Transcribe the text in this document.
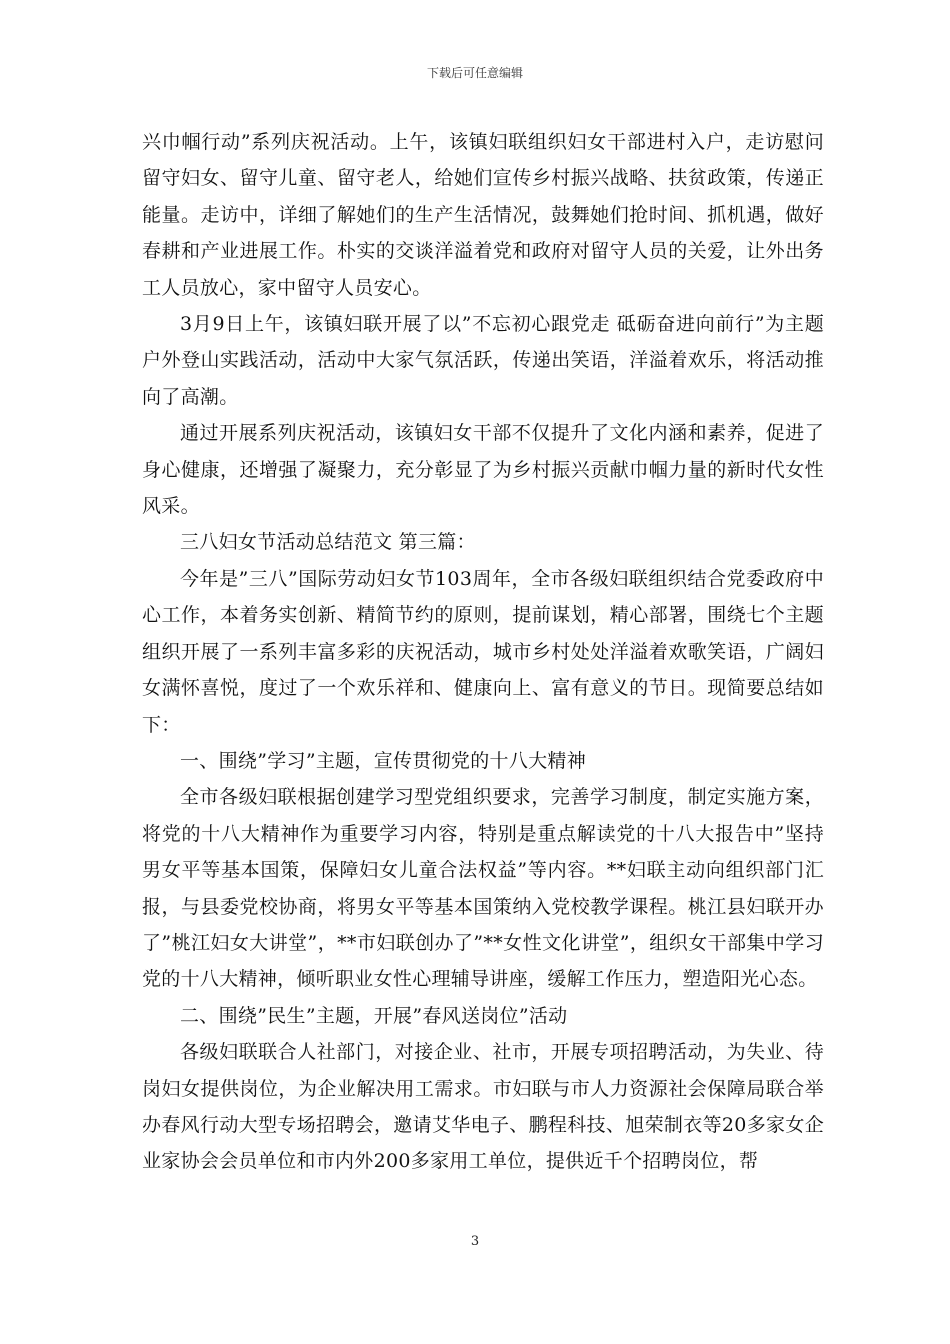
下载后可任意编辑

兴巾帼行动”系列庆祝活动。上午，该镇妇联组织妇女干部进村入户，走访慰问留守妇女、留守儿童、留守老人，给她们宣传乡村振兴战略、扶贫政策，传递正能量。走访中，详细了解她们的生产生活情况，鼓舞她们抢时间、抓机遇，做好春耕和产业进展工作。朴实的交谈洋溢着党和政府对留守人员的关爱，让外出务工人员放心，家中留守人员安心。

3月9日上午，该镇妇联开展了以”不忘初心跟党走 砥砺奋进向前行”为主题户外登山实践活动，活动中大家气氛活跃，传递出笑语，洋溢着欢乐，将活动推向了高潮。

通过开展系列庆祝活动，该镇妇女干部不仅提升了文化内涵和素养，促进了身心健康，还增强了凝聚力，充分彰显了为乡村振兴贡献巾帼力量的新时代女性风采。

三八妇女节活动总结范文 第三篇：

今年是”三八”国际劳动妇女节103周年，全市各级妇联组织结合党委政府中心工作，本着务实创新、精简节约的原则，提前谋划，精心部署，围绕七个主题组织开展了一系列丰富多彩的庆祝活动，城市乡村处处洋溢着欢歌笑语，广阔妇女满怀喜悦，度过了一个欢乐祥和、健康向上、富有意义的节日。现简要总结如下：

一、围绕”学习”主题，宣传贯彻党的十八大精神

全市各级妇联根据创建学习型党组织要求，完善学习制度，制定实施方案，将党的十八大精神作为重要学习内容，特别是重点解读党的十八大报告中”坚持男女平等基本国策，保障妇女儿童合法权益”等内容。**妇联主动向组织部门汇报，与县委党校协商，将男女平等基本国策纳入党校教学课程。桃江县妇联开办了”桃江妇女大讲堂”，**市妇联创办了”**女性文化讲堂”，组织女干部集中学习党的十八大精神，倾听职业女性心理辅导讲座，缓解工作压力，塑造阳光心态。

二、围绕”民生”主题，开展”春风送岗位”活动

各级妇联联合人社部门，对接企业、社市，开展专项招聘活动，为失业、待岗妇女提供岗位，为企业解决用工需求。市妇联与市人力资源社会保障局联合举办春风行动大型专场招聘会，邀请艾华电子、鹏程科技、旭荣制衣等20多家女企业家协会会员单位和市内外200多家用工单位，提供近千个招聘岗位，帮

3
